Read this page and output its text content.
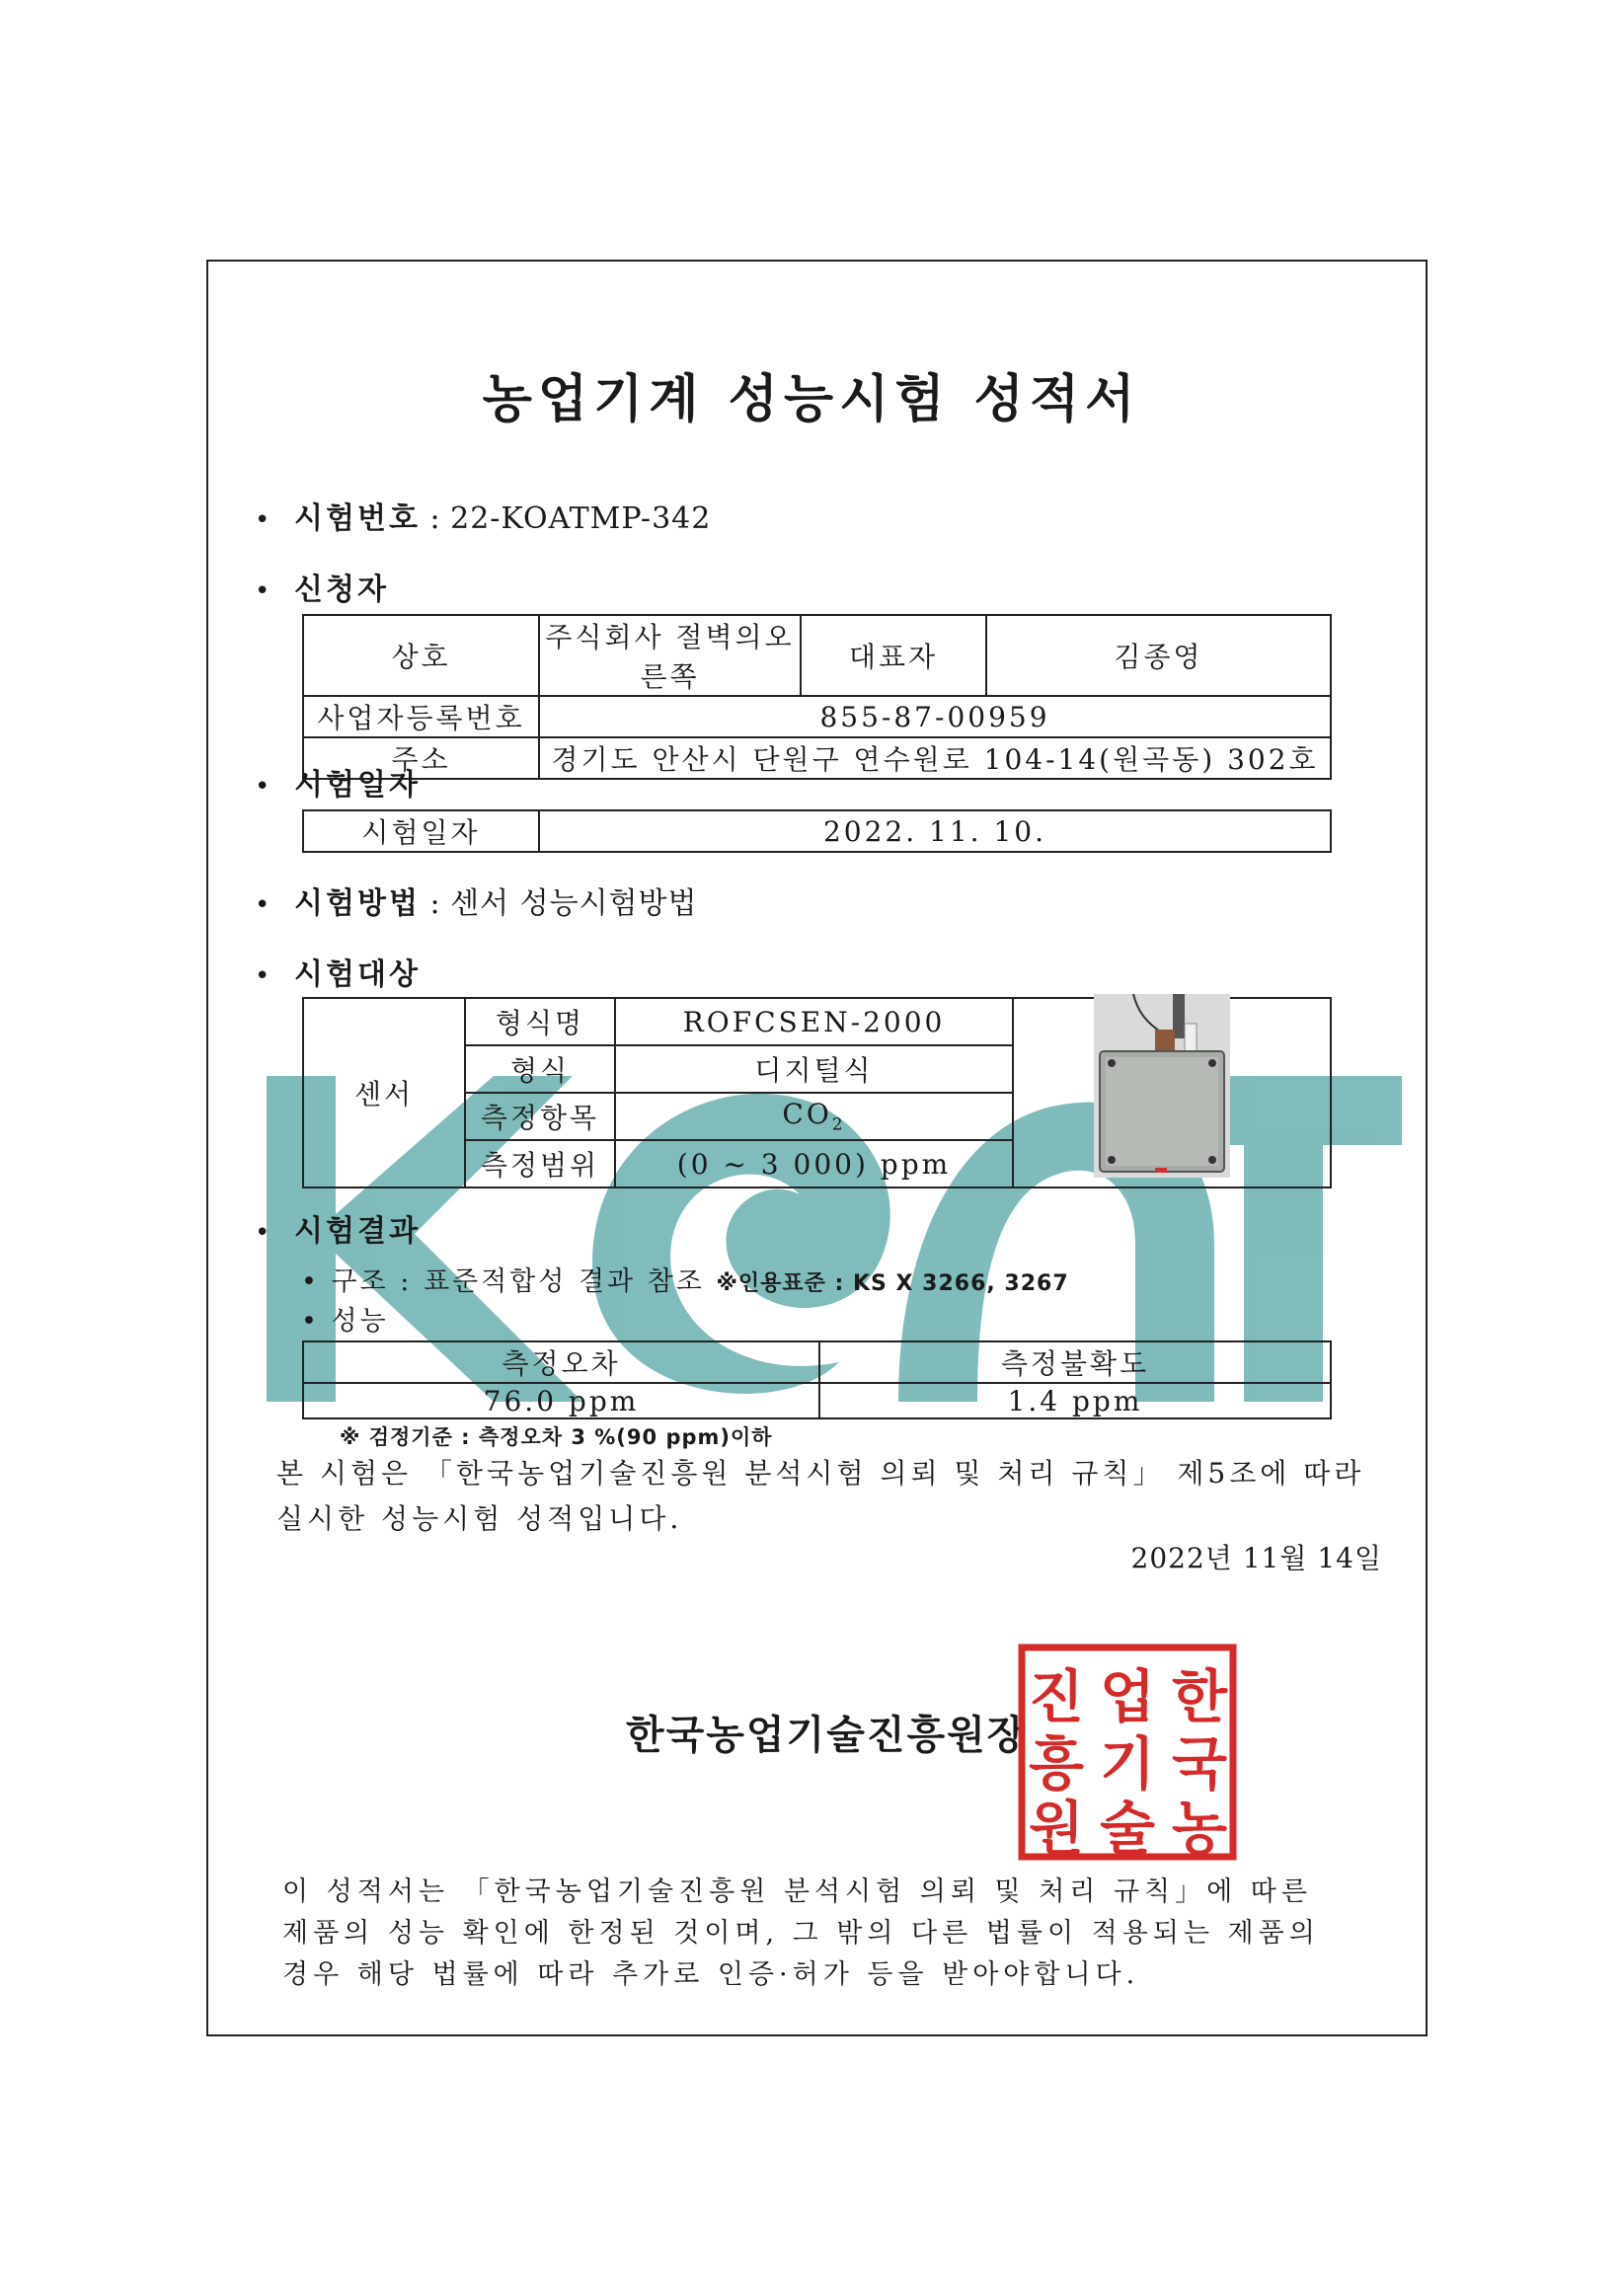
농업기계 성능시험 성적서
• 시험번호 : 22-KOATMP-342
• 신청자
상호	주식회사 절벽의오른쪽	대표자	김종영
사업자등록번호	855-87-00959		
주소	경기도 안산시 단원구 연수원로 104-14(원곡동) 302호		
• 시험일자
시험일자	2022. 11. 10.
• 시험방법 : 센서 성능시험방법
• 시험대상
센서	형식명	ROFCSEN-2000	
	형식	디지털식	
	측정항목	$CO_2$
	측정범위	(0 ~ 3 000) ppm	
• 시험결과
• 구조 : 표준적합성 결과 참조 ※인용표준 : KS X 3266, 3267
• 성능
측정오차	측정불확도
76.0 ppm	1.4 ppm
※ 검정기준 : 측정오차 3 %(90 ppm)이하
본 시험은 「한국농업기술진흥원 분석시험 의뢰 및 처리 규칙」 제5조에 따라
실시한 성능시험 성적입니다.
2022년 11월 14일
한국농업기술진흥원장
한
국
농
업
기
술
진
흥
원
이 성적서는 「한국농업기술진흥원 분석시험 의뢰 및 처리 규칙」에 따른
제품의 성능 확인에 한정된 것이며, 그 밖의 다른 법률이 적용되는 제품의
경우 해당 법률에 따라 추가로 인증·허가 등을 받아야합니다.
